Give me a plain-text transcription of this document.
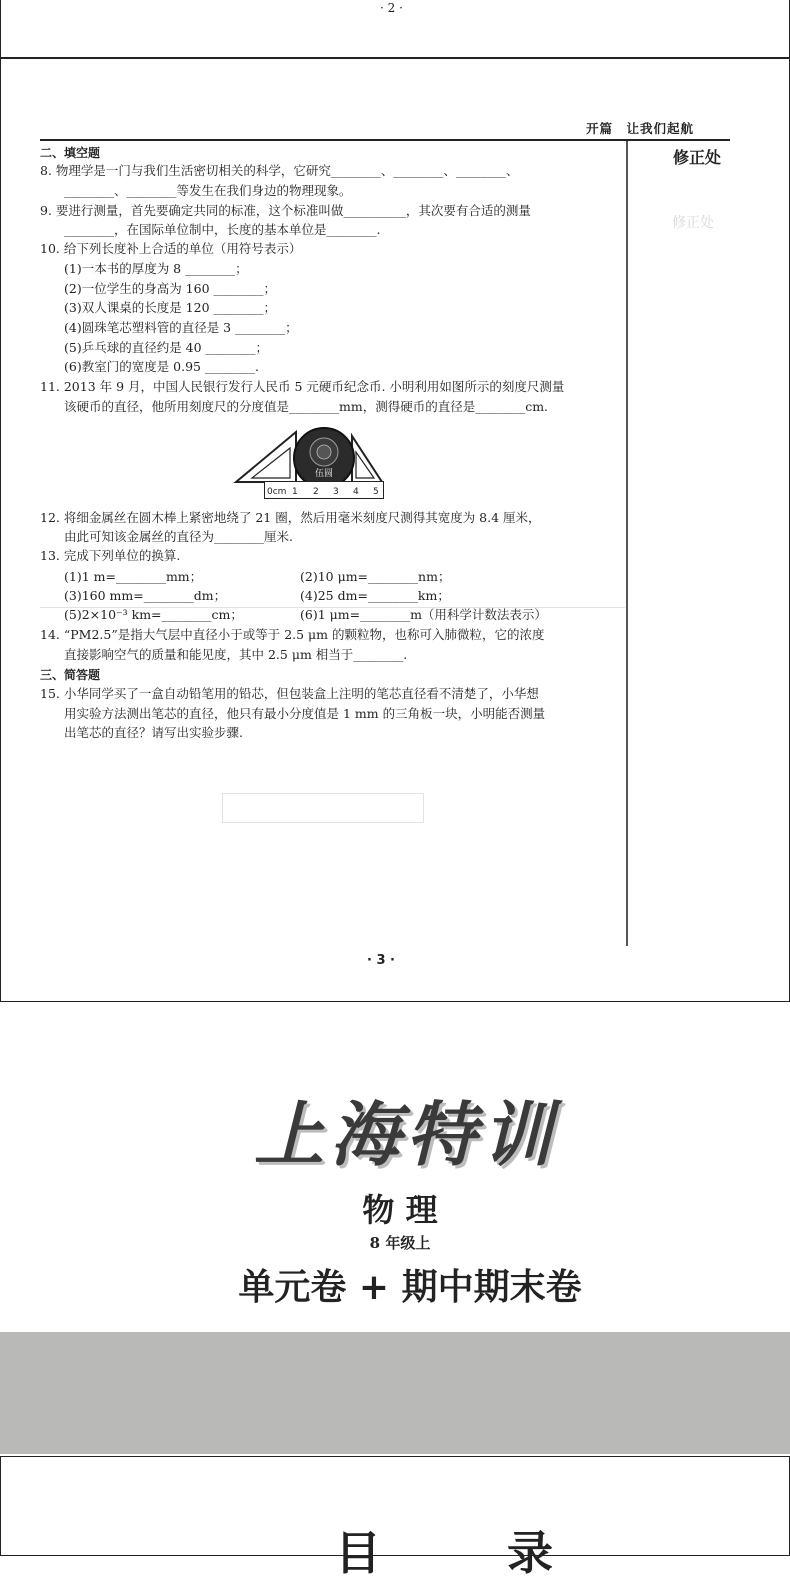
· 2 ·
开篇　让我们起航
修正处
修正处
二、填空题
8. 物理学是一门与我们生活密切相关的科学，它研究________、________、________、
________、________等发生在我们身边的物理现象。
9. 要进行测量，首先要确定共同的标准，这个标准叫做__________，其次要有合适的测量
________，在国际单位制中，长度的基本单位是________.
10. 给下列长度补上合适的单位（用符号表示）
(1)一本书的厚度为 8 ________；
(2)一位学生的身高为 160 ________；
(3)双人课桌的长度是 120 ________；
(4)圆珠笔芯塑料管的直径是 3 ________；
(5)乒乓球的直径约是 40 ________；
(6)教室门的宽度是 0.95 ________.
11. 2013 年 9 月，中国人民银行发行人民币 5 元硬币纪念币. 小明利用如图所示的刻度尺测量
该硬币的直径，他所用刻度尺的分度值是________mm，测得硬币的直径是________cm.
伍圆
0cm 1 2 3 4 5
12. 将细金属丝在圆木棒上紧密地绕了 21 圈，然后用毫米刻度尺测得其宽度为 8.4 厘米，
由此可知该金属丝的直径为________厘米.
13. 完成下列单位的换算.
(1)1 m=________mm；	(2)10 μm=________nm；
(3)160 mm=________dm；	(4)25 dm=________km；
(5)2×10⁻³ km=________cm；	(6)1 μm=________m（用科学计数法表示）
14. “PM2.5”是指大气层中直径小于或等于 2.5 μm 的颗粒物，也称可入肺微粒，它的浓度
直接影响空气的质量和能见度，其中 2.5 μm 相当于________.
三、简答题
15. 小华同学买了一盒自动铅笔用的铅芯，但包装盒上注明的笔芯直径看不清楚了，小华想
用实验方法测出笔芯的直径，他只有最小分度值是 1 mm 的三角板一块，小明能否测量
出笔芯的直径？请写出实验步骤.
· 3 ·
上海特训
物 理
8 年级上
单元卷 + 期中期末卷
目　录
